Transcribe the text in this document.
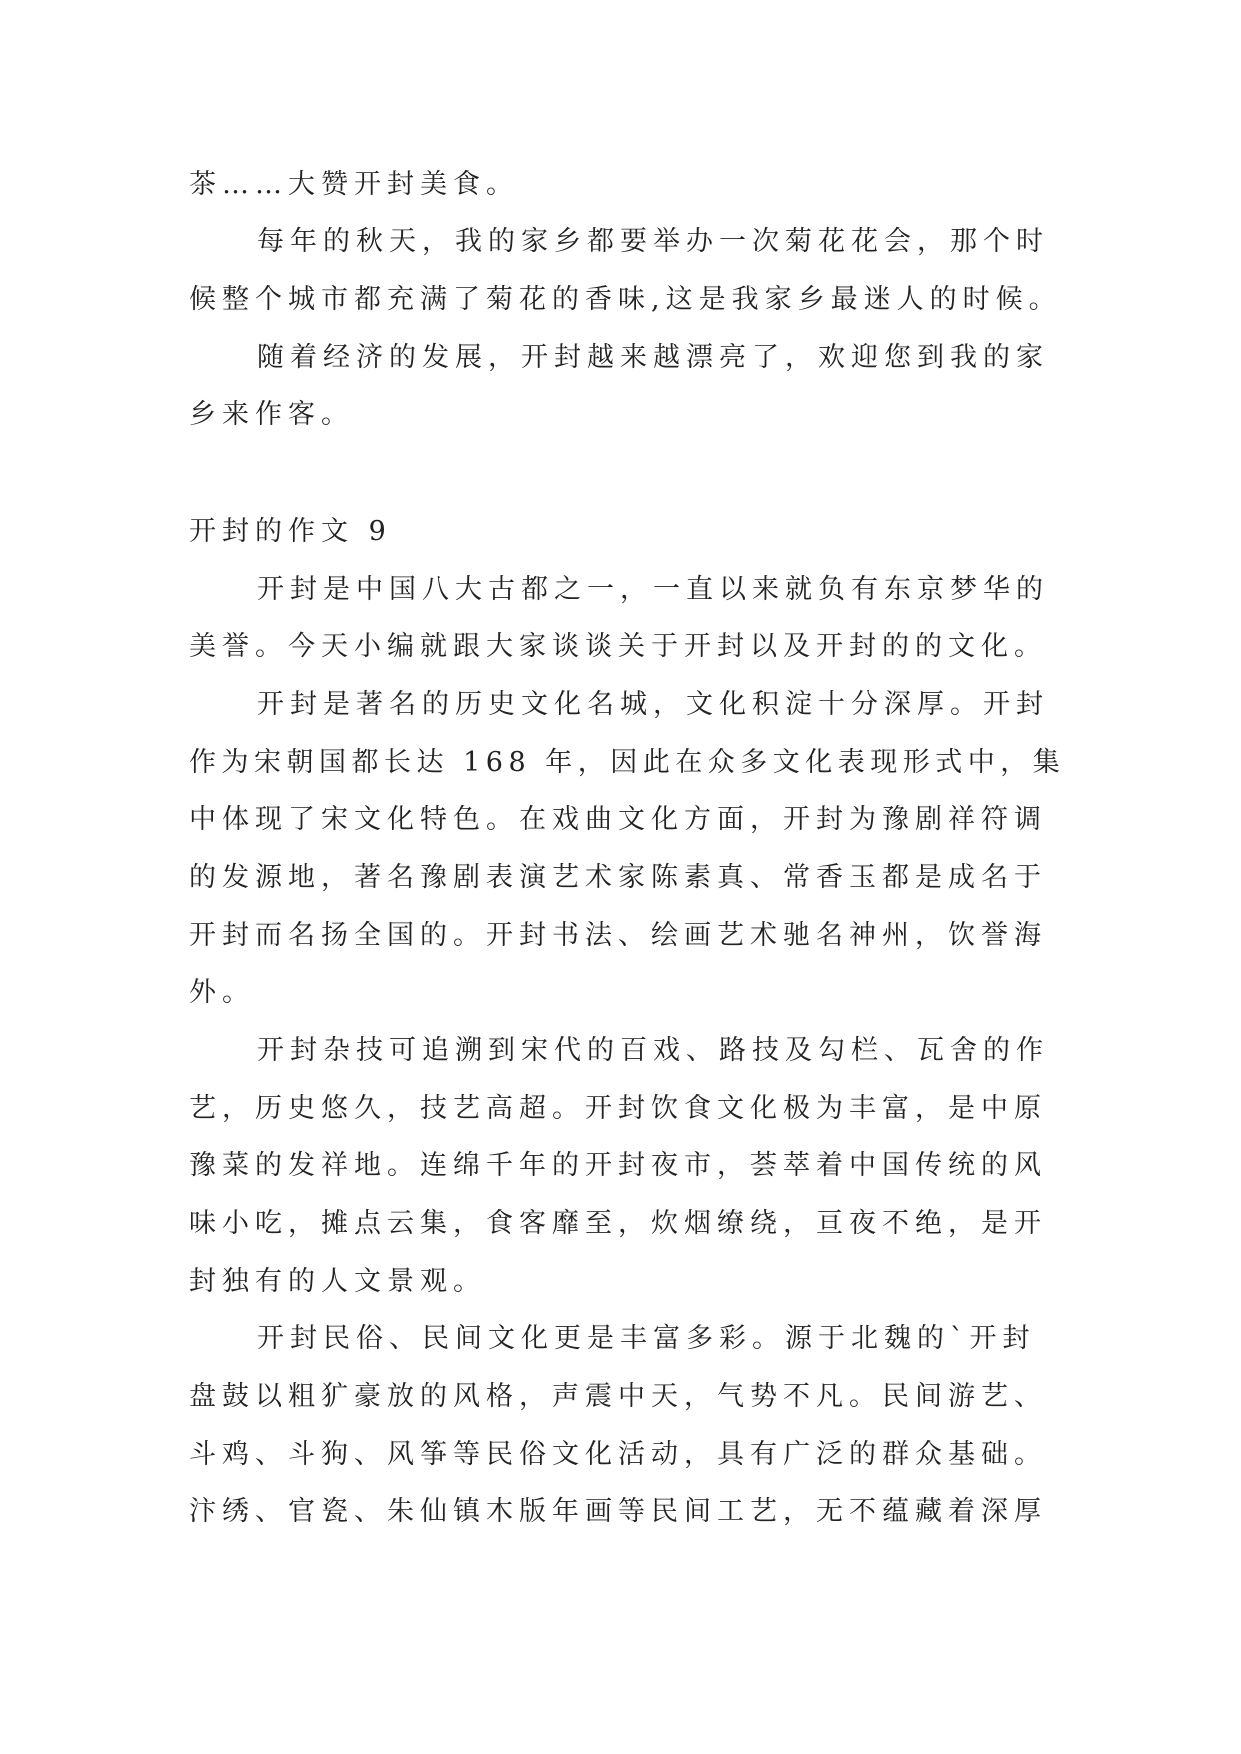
茶……大赞开封美食。
每年的秋天，我的家乡都要举办一次菊花花会，那个时
候整个城市都充满了菊花的香味,这是我家乡最迷人的时候。
随着经济的发展，开封越来越漂亮了，欢迎您到我的家
乡来作客。
开封的作文 9
开封是中国八大古都之一，一直以来就负有东京梦华的
美誉。今天小编就跟大家谈谈关于开封以及开封的的文化。
开封是著名的历史文化名城，文化积淀十分深厚。开封
作为宋朝国都长达 168 年，因此在众多文化表现形式中，集
中体现了宋文化特色。在戏曲文化方面，开封为豫剧祥符调
的发源地，著名豫剧表演艺术家陈素真、常香玉都是成名于
开封而名扬全国的。开封书法、绘画艺术驰名神州，饮誉海
外。
开封杂技可追溯到宋代的百戏、路技及勾栏、瓦舍的作
艺，历史悠久，技艺高超。开封饮食文化极为丰富，是中原
豫菜的发祥地。连绵千年的开封夜市，荟萃着中国传统的风
味小吃，摊点云集，食客靡至，炊烟缭绕，亘夜不绝，是开
封独有的人文景观。
开封民俗、民间文化更是丰富多彩。源于北魏的`开封
盘鼓以粗犷豪放的风格，声震中天，气势不凡。民间游艺、
斗鸡、斗狗、风筝等民俗文化活动，具有广泛的群众基础。
汴绣、官瓷、朱仙镇木版年画等民间工艺，无不蕴藏着深厚
